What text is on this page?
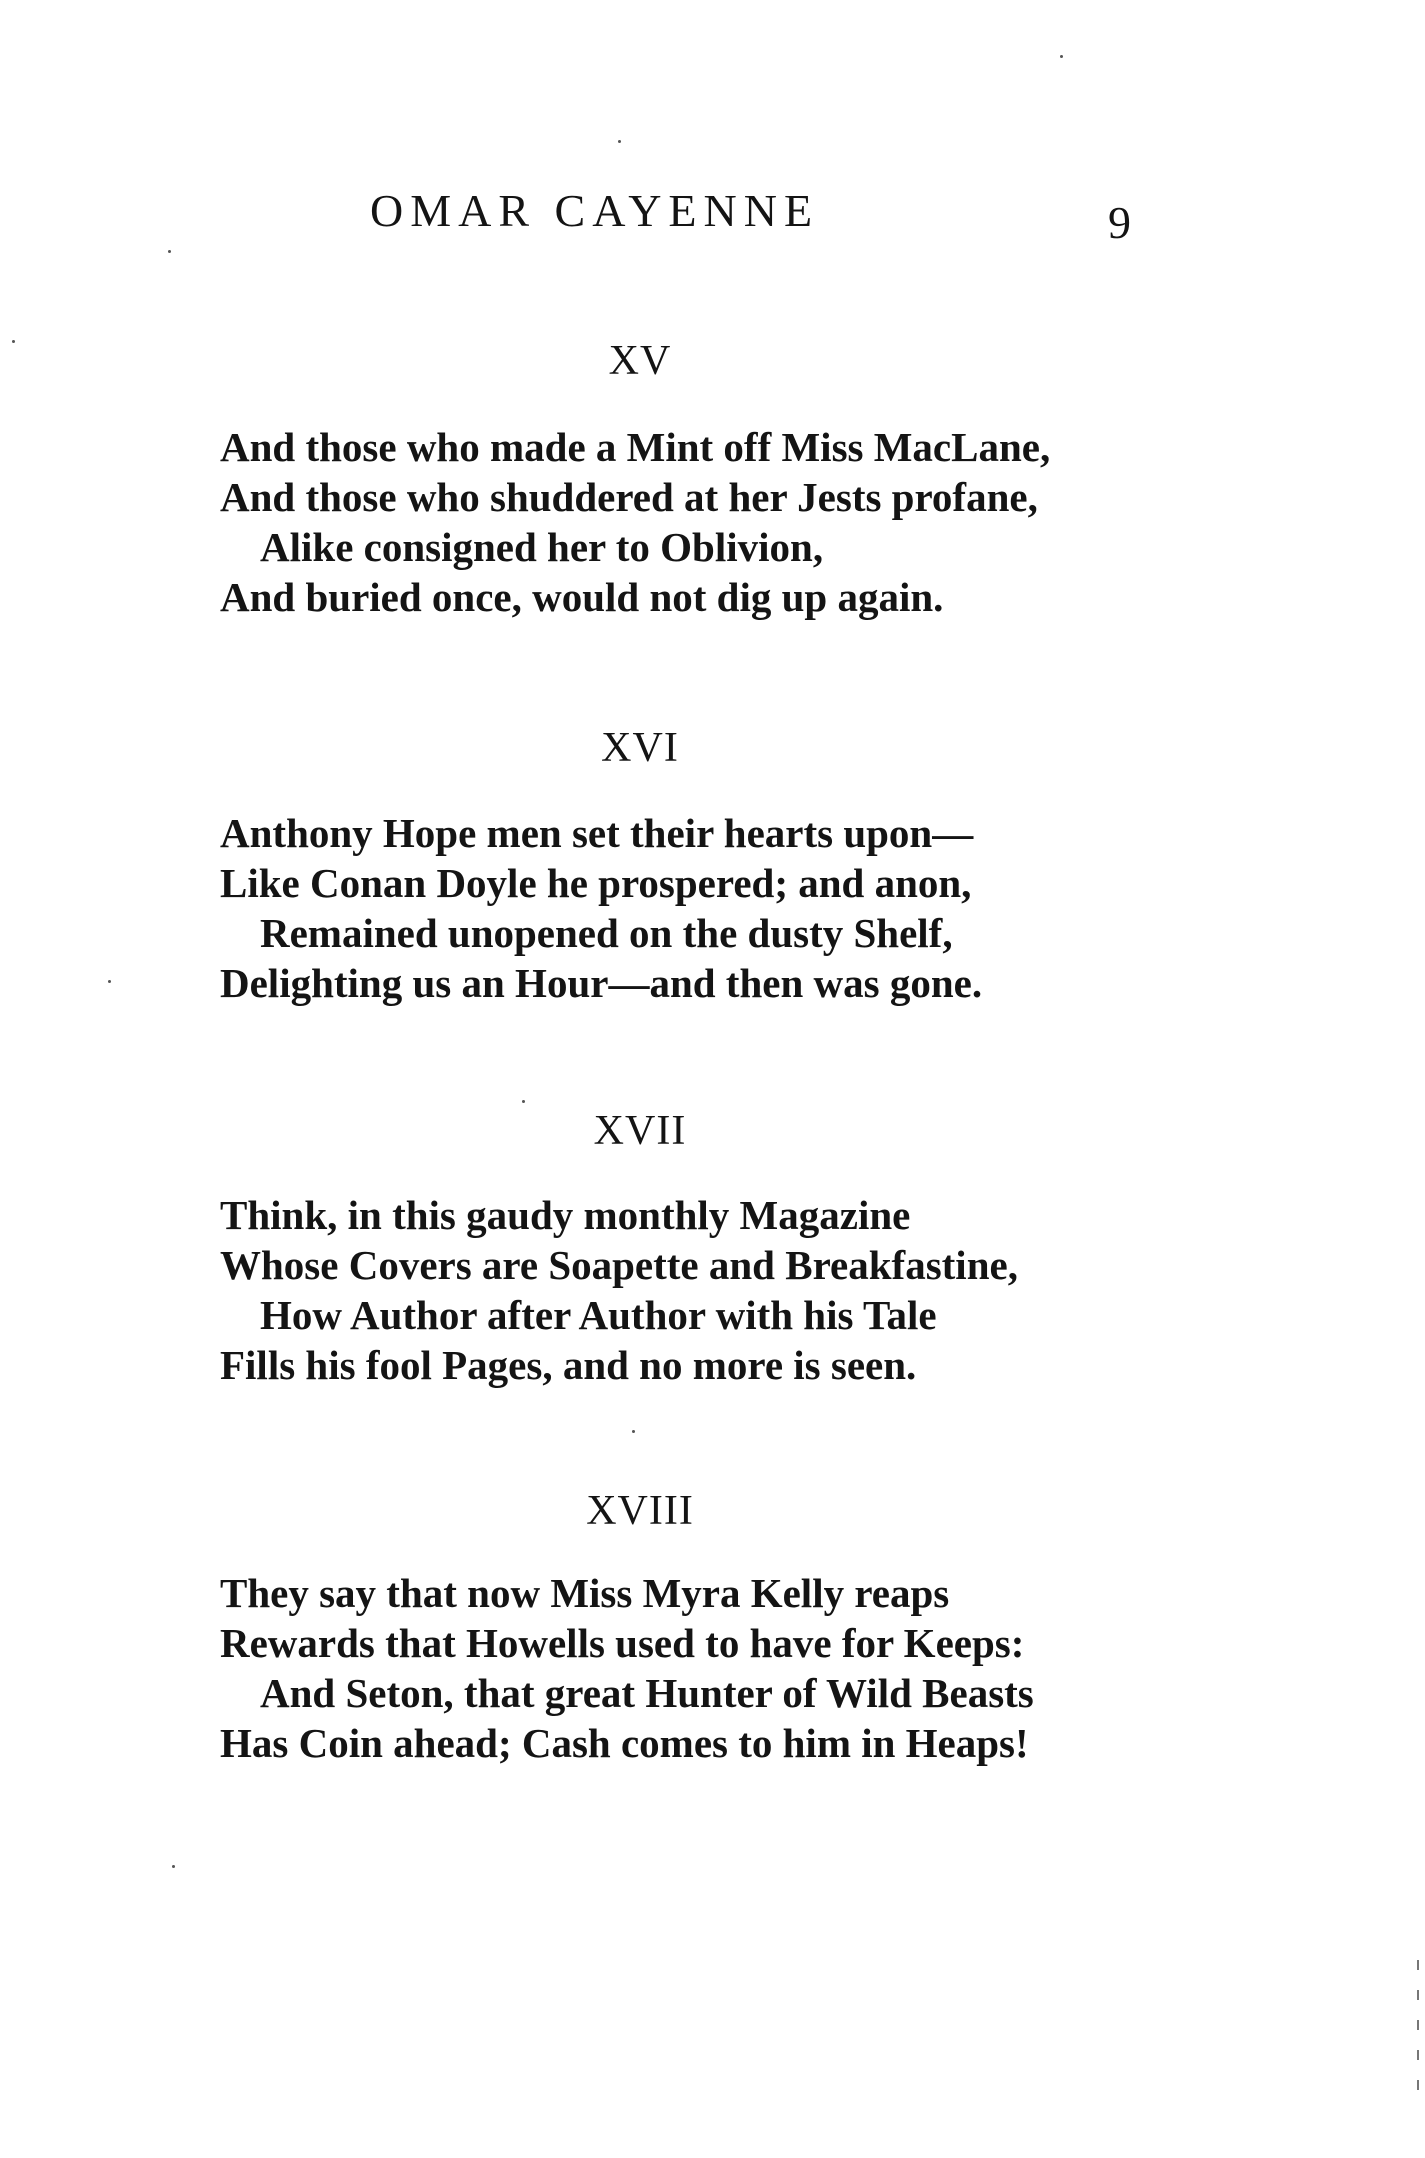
OMAR CAYENNE	9
XV
And those who made a Mint off Miss MacLane,
And those who shuddered at her Jests profane,
Alike consigned her to Oblivion,
And buried once, would not dig up again.
XVI
Anthony Hope men set their hearts upon—
Like Conan Doyle he prospered; and anon,
Remained unopened on the dusty Shelf,
Delighting us an Hour—and then was gone.
XVII
Think, in this gaudy monthly Magazine
Whose Covers are Soapette and Breakfastine,
How Author after Author with his Tale
Fills his fool Pages, and no more is seen.
XVIII
They say that now Miss Myra Kelly reaps
Rewards that Howells used to have for Keeps:
And Seton, that great Hunter of Wild Beasts
Has Coin ahead; Cash comes to him in Heaps!
